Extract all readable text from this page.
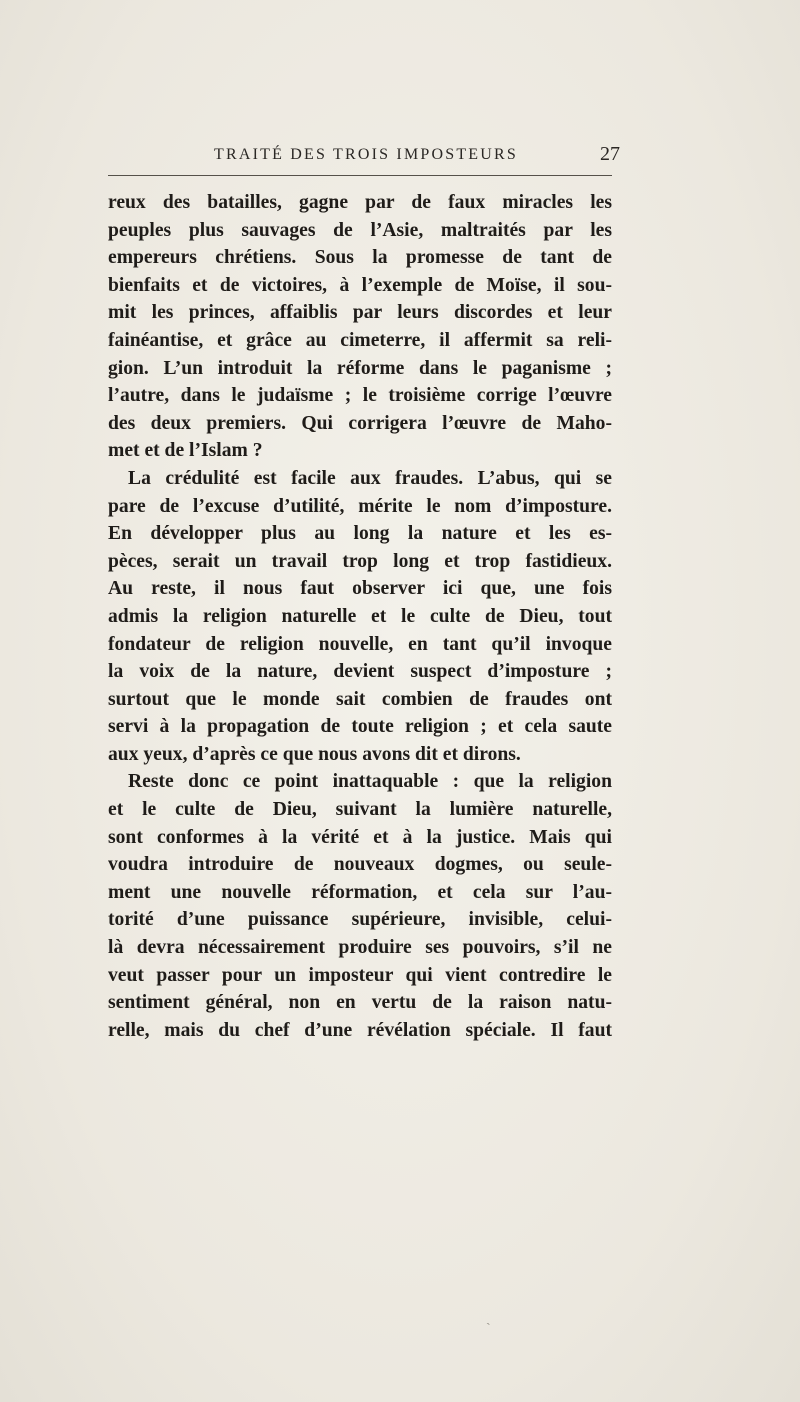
TRAITÉ DES TROIS IMPOSTEURS	27
reux des batailles, gagne par de faux miracles les
peuples plus sauvages de l’Asie, maltraités par les
empereurs chrétiens. Sous la promesse de tant de
bienfaits et de victoires, à l’exemple de Moïse, il sou-
mit les princes, affaiblis par leurs discordes et leur
fainéantise, et grâce au cimeterre, il affermit sa reli-
gion. L’un introduit la réforme dans le paganisme ;
l’autre, dans le judaïsme ; le troisième corrige l’œuvre
des deux premiers. Qui corrigera l’œuvre de Maho-
met et de l’Islam ?
La crédulité est facile aux fraudes. L’abus, qui se
pare de l’excuse d’utilité, mérite le nom d’imposture.
En développer plus au long la nature et les es-
pèces, serait un travail trop long et trop fastidieux.
Au reste, il nous faut observer ici que, une fois
admis la religion naturelle et le culte de Dieu, tout
fondateur de religion nouvelle, en tant qu’il invoque
la voix de la nature, devient suspect d’imposture ;
surtout que le monde sait combien de fraudes ont
servi à la propagation de toute religion ; et cela saute
aux yeux, d’après ce que nous avons dit et dirons.
Reste donc ce point inattaquable : que la religion
et le culte de Dieu, suivant la lumière naturelle,
sont conformes à la vérité et à la justice. Mais qui
voudra introduire de nouveaux dogmes, ou seule-
ment une nouvelle réformation, et cela sur l’au-
torité d’une puissance supérieure, invisible, celui-
là devra nécessairement produire ses pouvoirs, s’il ne
veut passer pour un imposteur qui vient contredire le
sentiment général, non en vertu de la raison natu-
relle, mais du chef d’une révélation spéciale. Il faut
ˏ
